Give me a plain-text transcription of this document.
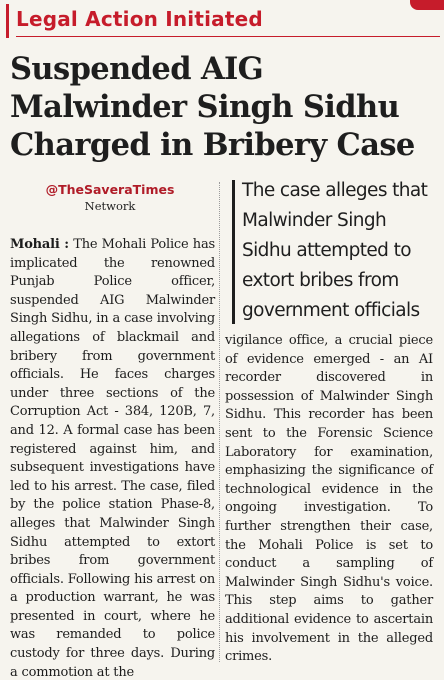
Legal Action Initiated
Suspended AIG Malwinder Singh Sidhu Charged in Bribery Case
@TheSaveraTimes
Network
The case alleges that Malwinder Singh Sidhu attempted to extort bribes from government officials

Mohali : The Mohali Police has implicated the renowned Punjab Police officer, suspended AIG Malwinder Singh Sidhu, in a case involving allegations of blackmail and bribery from government officials. He faces charges under three sections of the Corruption Act - 384, 120B, 7, and 12. A formal case has been registered against him, and subsequent investigations have led to his arrest. The case, filed by the police station Phase-8, alleges that Malwinder Singh Sidhu attempted to extort bribes from government officials. Following his arrest on a production warrant, he was presented in court, where he was remanded to police custody for three days. During a commotion at the

vigilance office, a crucial piece of evidence emerged - an AI recorder discovered in possession of Malwinder Singh Sidhu. This recorder has been sent to the Forensic Science Laboratory for examination, emphasizing the significance of technological evidence in the ongoing investigation. To further strengthen their case, the Mohali Police is set to conduct a sampling of Malwinder Singh Sidhu's voice. This step aims to gather additional evidence to ascertain his involvement in the alleged crimes.
